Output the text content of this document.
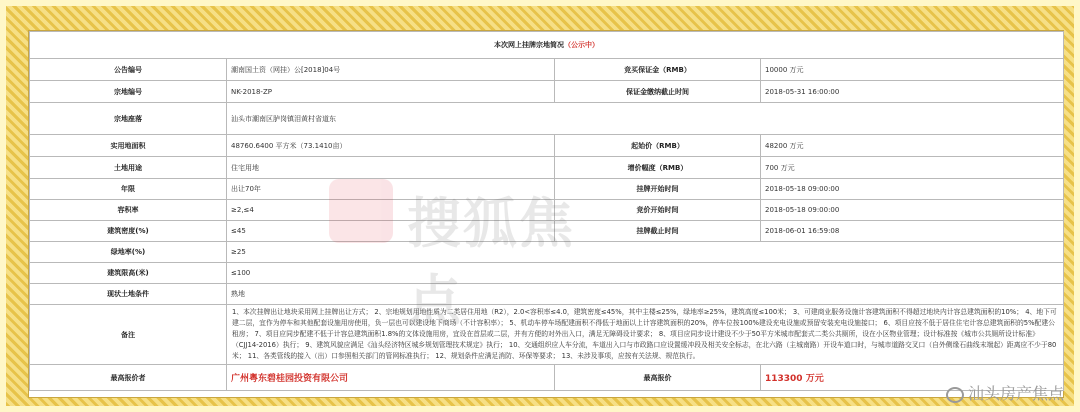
本次网上挂牌宗地简况（公示中）			
公告编号	潮南国土资（网挂）公[2018]04号	竞买保证金（RMB）	10000 万元
宗地编号	NK-2018-ZP	保证金缴纳截止时间	2018-05-31 16:00:00
宗地座落	汕头市潮南区胪岗镇泪黄村省道东		
实用地面积	48760.6400 平方米（73.1410亩）	起始价（RMB）	48200 万元
土地用途	住宅用地	增价幅度（RMB）	700 万元
年限	出让70年	挂牌开始时间	2018-05-18 09:00:00
容积率	≥2,≤4	竞价开始时间	2018-05-18 09:00:00
建筑密度(%)	≤45	挂牌截止时间	2018-06-01 16:59:08
绿地率(%)	≥25		
建筑限高(米)	≤100		
现状土地条件	熟地		
备注	1、本次挂牌出让地块采用网上挂牌出让方式； 2、宗地规划用地性质为二类居住用地（R2），2.0<容积率≤4.0，建筑密度≤45%，其中主楼≤25%，绿地率≥25%，建筑高度≤100米； 3、可建商业服务设施计容建筑面积不得超过地块内计容总建筑面积的10%； 4、地下可建二层，宜作为停车和其他配套设施用房使用，负一层也可以建设地下商场（不计容积率）； 5、机动车停车场配建面积不得低于地面以上计容建筑面积的20%，停车位按100%建设充电设施或预留安装充电设施接口； 6、项目应按不低于居住住宅计容总建筑面积的5%配建公租房； 7、项目应同步配建不低于计容总建筑面积1.8%的文体设施用房，宜设在首层或二层，并有方便的对外出入口，满足无障碍设计要求； 8、项目应同步设计建设不少于50平方米城市配套式二类公共厕所，设在小区物业管理；设计标准按《城市公共厕所设计标准》（CJJ14-2016）执行； 9、建筑风貌应满足《汕头经济特区城乡规划管理技术规定》执行； 10、交通组织应人车分流，车道出入口与市政路口应设置缓冲段及相关安全标志，在北六路（主城南路）开设车道口时，与城市道路交叉口（自外侧缘石曲线末端起）距离应不少于80米； 11、各类管线的接入（出）口参照相关部门的管网标准执行； 12、规划条件应满足消防、环保等要求； 13、未涉及事项，应按有关法规、规范执行。		
最高报价者	广州粤东碧桂园投资有限公司	最高报价	113300 万元
搜狐焦点
汕头房产焦点
